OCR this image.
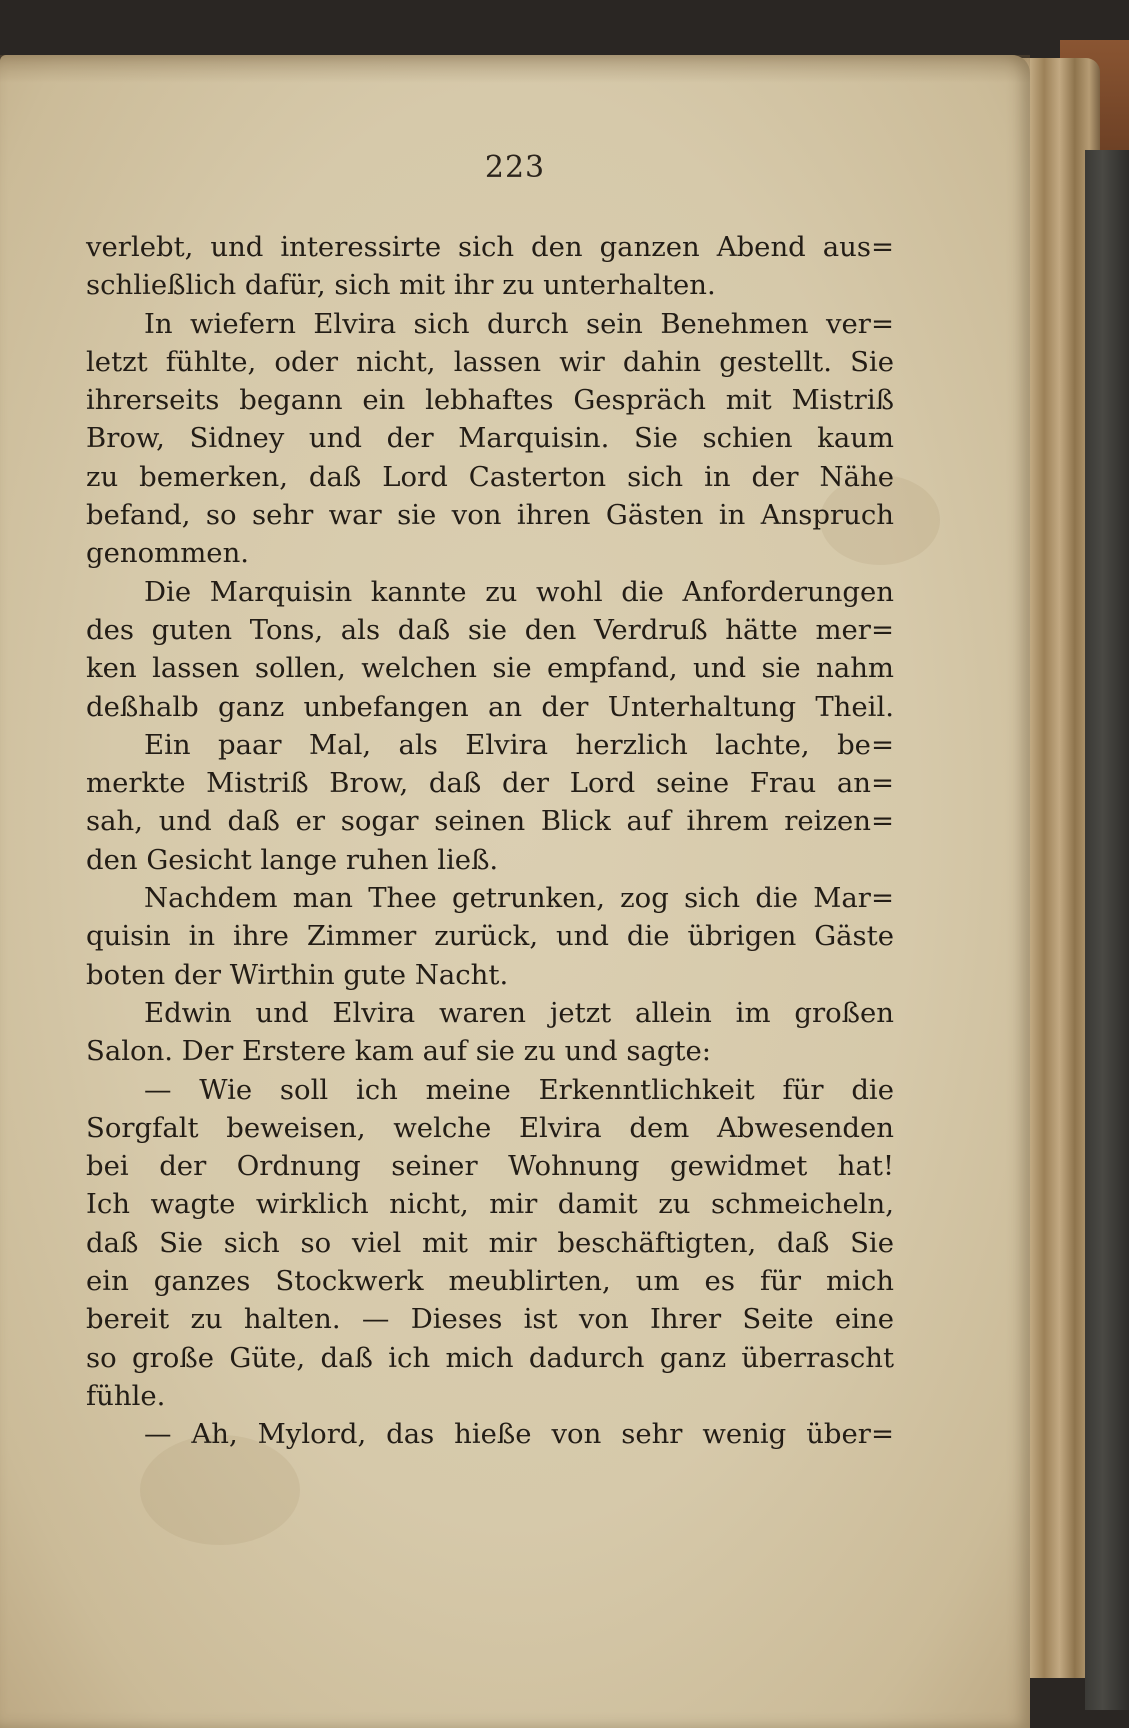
223
verlebt, und interessirte sich den ganzen Abend aus=
schließlich dafür, sich mit ihr zu unterhalten.
In wiefern Elvira sich durch sein Benehmen ver=
letzt fühlte, oder nicht, lassen wir dahin gestellt. Sie
ihrerseits begann ein lebhaftes Gespräch mit Mistriß
Brow, Sidney und der Marquisin. Sie schien kaum
zu bemerken, daß Lord Casterton sich in der Nähe
befand, so sehr war sie von ihren Gästen in Anspruch
genommen.
Die Marquisin kannte zu wohl die Anforderungen
des guten Tons, als daß sie den Verdruß hätte mer=
ken lassen sollen, welchen sie empfand, und sie nahm
deßhalb ganz unbefangen an der Unterhaltung Theil.
Ein paar Mal, als Elvira herzlich lachte, be=
merkte Mistriß Brow, daß der Lord seine Frau an=
sah, und daß er sogar seinen Blick auf ihrem reizen=
den Gesicht lange ruhen ließ.
Nachdem man Thee getrunken, zog sich die Mar=
quisin in ihre Zimmer zurück, und die übrigen Gäste
boten der Wirthin gute Nacht.
Edwin und Elvira waren jetzt allein im großen
Salon. Der Erstere kam auf sie zu und sagte:
— Wie soll ich meine Erkenntlichkeit für die
Sorgfalt beweisen, welche Elvira dem Abwesenden
bei der Ordnung seiner Wohnung gewidmet hat!
Ich wagte wirklich nicht, mir damit zu schmeicheln,
daß Sie sich so viel mit mir beschäftigten, daß Sie
ein ganzes Stockwerk meublirten, um es für mich
bereit zu halten. — Dieses ist von Ihrer Seite eine
so große Güte, daß ich mich dadurch ganz überrascht
fühle.
— Ah, Mylord, das hieße von sehr wenig über=
